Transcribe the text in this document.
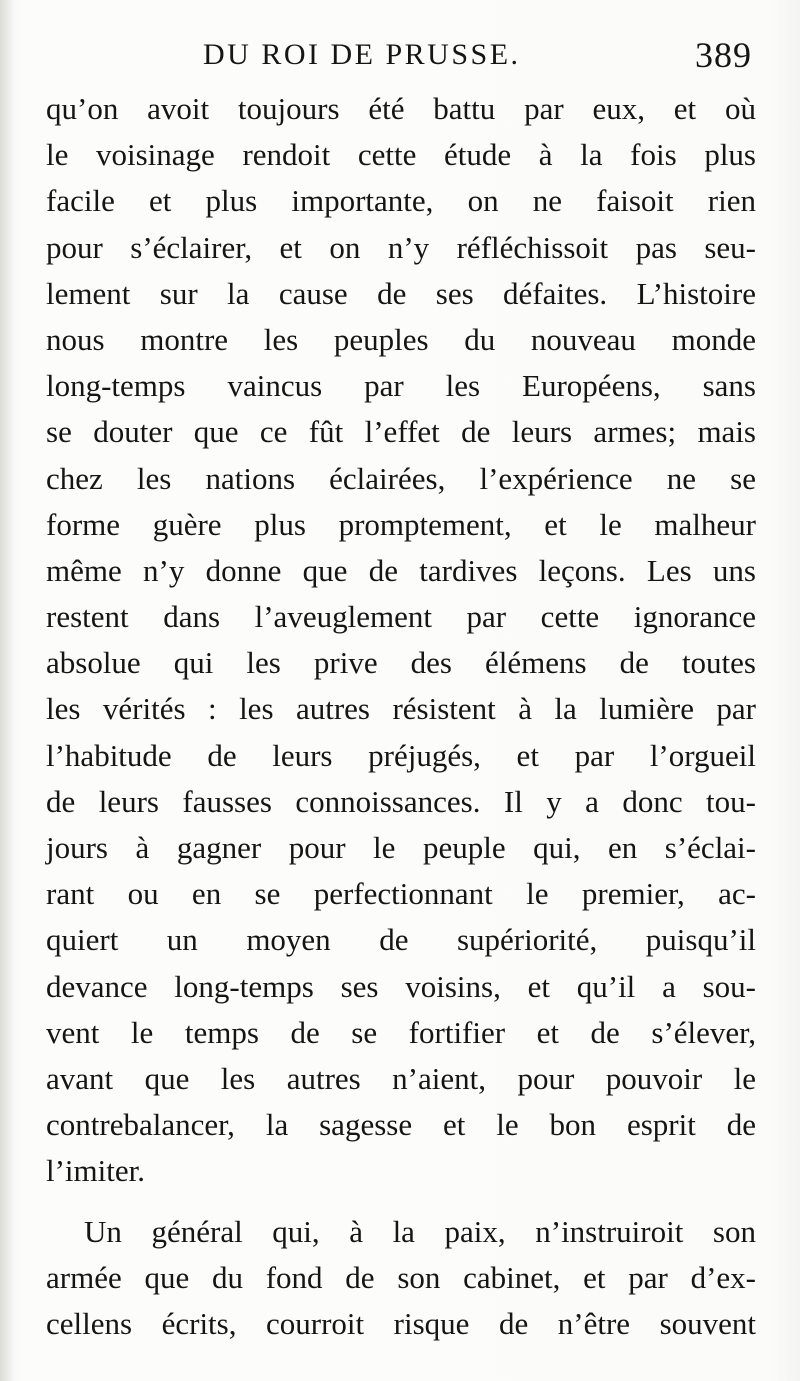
DU ROI DE PRUSSE.	389
qu’on avoit toujours été battu par eux, et où
le voisinage rendoit cette étude à la fois plus
facile et plus importante, on ne faisoit rien
pour s’éclairer, et on n’y réfléchissoit pas seu-
lement sur la cause de ses défaites. L’histoire
nous montre les peuples du nouveau monde
long-temps vaincus par les Européens, sans
se douter que ce fût l’effet de leurs armes; mais
chez les nations éclairées, l’expérience ne se
forme guère plus promptement, et le malheur
même n’y donne que de tardives leçons. Les uns
restent dans l’aveuglement par cette ignorance
absolue qui les prive des élémens de toutes
les vérités : les autres résistent à la lumière par
l’habitude de leurs préjugés, et par l’orgueil
de leurs fausses connoissances. Il y a donc tou-
jours à gagner pour le peuple qui, en s’éclai-
rant ou en se perfectionnant le premier, ac-
quiert un moyen de supériorité, puisqu’il
devance long-temps ses voisins, et qu’il a sou-
vent le temps de se fortifier et de s’élever,
avant que les autres n’aient, pour pouvoir le
contrebalancer, la sagesse et le bon esprit de
l’imiter.
Un général qui, à la paix, n’instruiroit son
armée que du fond de son cabinet, et par d’ex-
cellens écrits, courroit risque de n’être souvent
